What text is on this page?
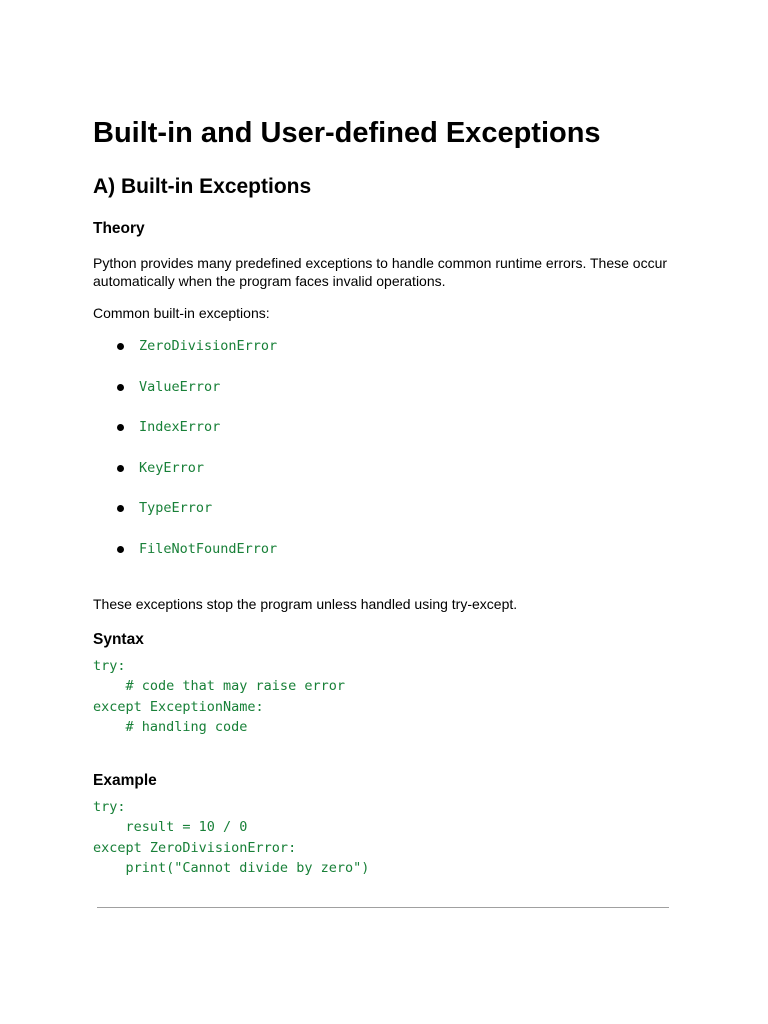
Built-in and User-defined Exceptions
A) Built-in Exceptions
Theory

Python provides many predefined exceptions to handle common runtime errors. These occur automatically when the program faces invalid operations.

Common built-in exceptions:

ZeroDivisionError
ValueError
IndexError
KeyError
TypeError
FileNotFoundError

These exceptions stop the program unless handled using try-except.

Syntax
try:
# code that may raise error
except ExceptionName:
# handling code
Example
try:
result = 10 / 0
except ZeroDivisionError:
print("Cannot divide by zero")
